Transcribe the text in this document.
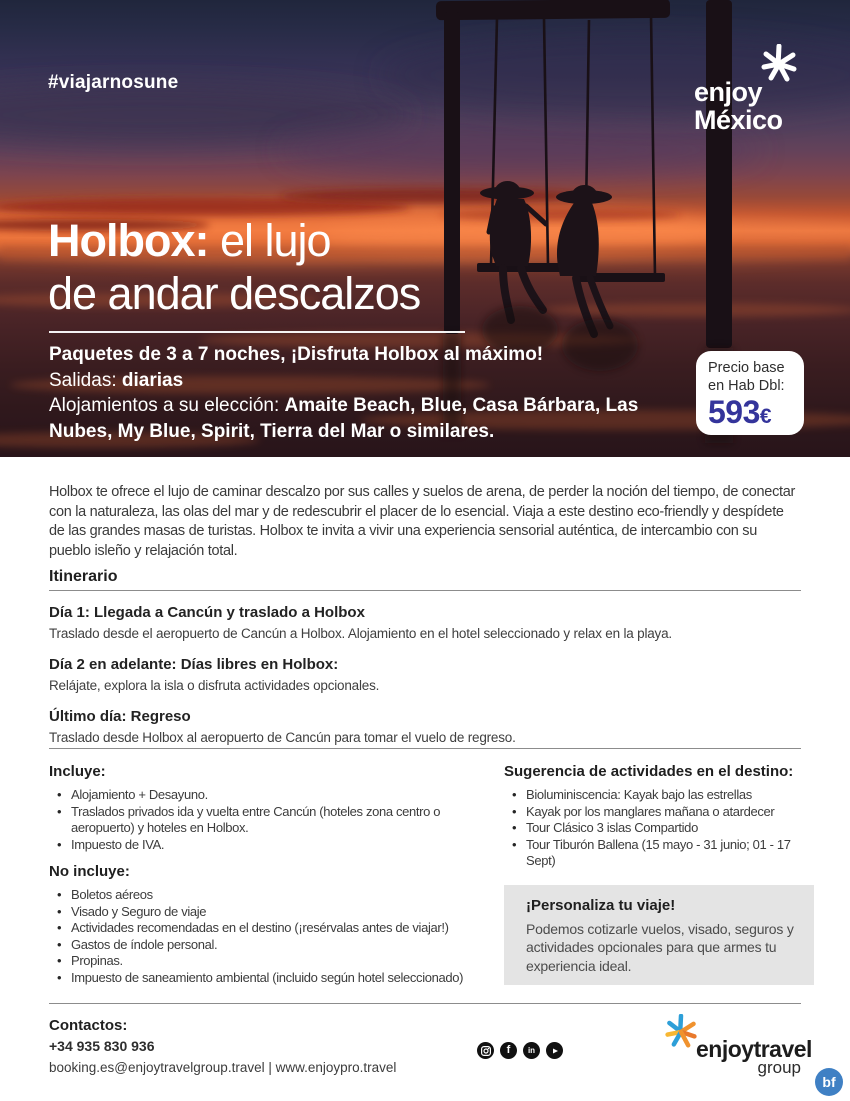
#viajarnosune	enjoy
México
Holbox: el lujo
de andar descalzos
Paquetes de 3 a 7 noches, ¡Disfruta Holbox al máximo!
Salidas: diarias
Alojamientos a su elección: Amaite Beach, Blue, Casa Bárbara, Las Nubes, My Blue, Spirit, Tierra del Mar o similares.
Precio base
en Hab Dbl:
593€
Holbox te ofrece el lujo de caminar descalzo por sus calles y suelos de arena, de perder la noción del tiempo, de conectar con la naturaleza, las olas del mar y de redescubrir el placer de lo esencial. Viaja a este destino eco-friendly y despídete de las grandes masas de turistas. Holbox te invita a vivir una experiencia sensorial auténtica, de intercambio con su pueblo isleño y relajación total.
Itinerario
Día 1: Llegada a Cancún y traslado a Holbox
Traslado desde el aeropuerto de Cancún a Holbox. Alojamiento en el hotel seleccionado y relax en la playa.
Día 2 en adelante: Días libres en Holbox:
Relájate, explora la isla o disfruta actividades opcionales.
Último día: Regreso
Traslado desde Holbox al aeropuerto de Cancún para tomar el vuelo de regreso.
Incluye:
• Alojamiento + Desayuno.
• Traslados privados ida y vuelta entre Cancún (hoteles zona centro o aeropuerto) y hoteles en Holbox.
• Impuesto de IVA.
No incluye:
• Boletos aéreos
• Visado y Seguro de viaje
• Actividades recomendadas en el destino (¡resérvalas antes de viajar!)
• Gastos de índole personal.
• Propinas.
• Impuesto de saneamiento ambiental (incluido según hotel seleccionado)
Sugerencia de actividades en el destino:
• Bioluminiscencia: Kayak bajo las estrellas
• Kayak por los manglares mañana o atardecer
• Tour Clásico 3 islas Compartido
• Tour Tiburón Ballena (15 mayo - 31 junio; 01 - 17 Sept)
¡Personaliza tu viaje!
Podemos cotizarle vuelos, visado, seguros y actividades opcionales para que armes tu experiencia ideal.
Contactos:
+34 935 830 936
booking.es@enjoytravelgroup.travel | www.enjoypro.travel
f in	enjoytravel
group
bf
